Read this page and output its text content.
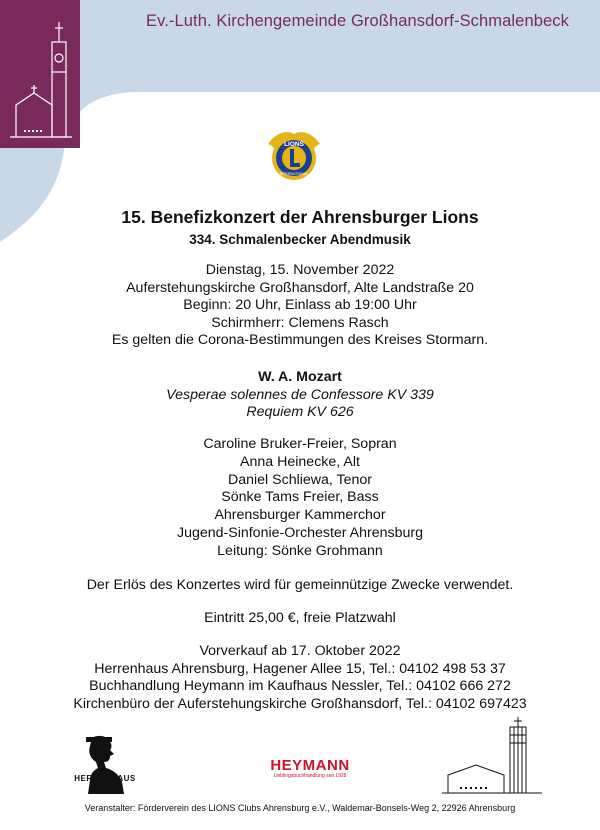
Ev.-Luth. Kirchengemeinde Großhansdorf-Schmalenbeck
LIONS
INTERNATIONAL
15. Benefizkonzert der Ahrensburger Lions
334. Schmalenbecker Abendmusik
Dienstag, 15. November 2022
Auferstehungskirche Großhansdorf, Alte Landstraße 20
Beginn: 20 Uhr, Einlass ab 19:00 Uhr
Schirmherr: Clemens Rasch
Es gelten die Corona-Bestimmungen des Kreises Stormarn.
W. A. Mozart
Vesperae solennes de Confessore KV 339
Requiem KV 626
Caroline Bruker-Freier, Sopran
Anna Heinecke, Alt
Daniel Schliewa, Tenor
Sönke Tams Freier, Bass
Ahrensburger Kammerchor
Jugend-Sinfonie-Orchester Ahrensburg
Leitung: Sönke Grohmann
Der Erlös des Konzertes wird für gemeinnützige Zwecke verwendet.
Eintritt 25,00 €, freie Platzwahl
Vorverkauf ab 17. Oktober 2022
Herrenhaus Ahrensburg, Hagener Allee 15, Tel.: 04102 498 53 37
Buchhandlung Heymann im Kaufhaus Nessler, Tel.: 04102 666 272
Kirchenbüro der Auferstehungskirche Großhansdorf, Tel.: 04102 697423
HERRENHAUS
AHRENSBURG
HEYMANN
Lieblingsbuchhandlung seit 1928
Veranstalter: Förderverein des LIONS Clubs Ahrensburg e.V., Waldemar-Bonsels-Weg 2, 22926 Ahrensburg
